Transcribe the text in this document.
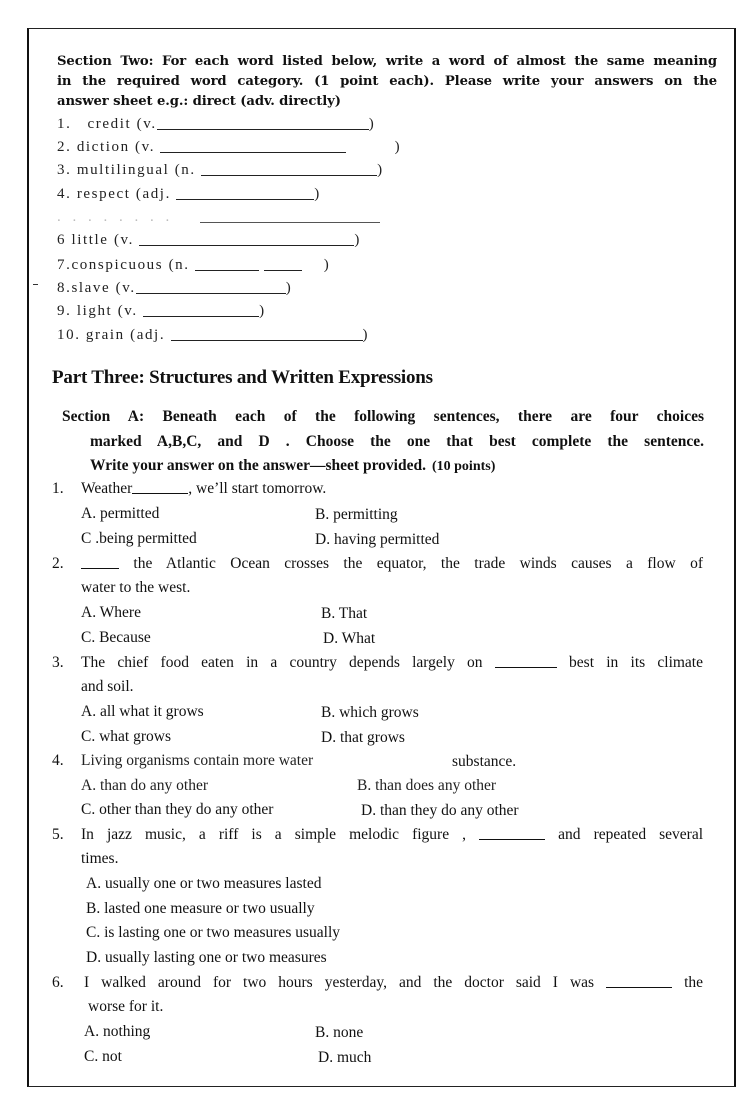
Section Two: For each word listed below, write a word of almost the same meaning
in the required word category. (1 point each). Please write your answers on the
answer sheet e.g.: direct (adv. directly)
1. credit (v.	)
2. diction (v.	)
3. multilingual (n.	)
4. respect (adj.	)
. . . . . . . .
6 little (v.	)
7.conspicuous (n.	)
8.slave (v.	)
9. light (v.	)
10. grain (adj.	)
Part Three: Structures and Written Expressions
Section A: Beneath each of the following sentences, there are four choices
marked A,B,C, and D . Choose the one that best complete the sentence.
Write your answer on the answer—sheet provided. (10 points)
1. Weather	, we’ll start tomorrow.
A. permitted	B. permitting
C .being permitted	D. having permitted
2.	the Atlantic Ocean crosses the equator, the trade winds causes a flow of
water to the west.
A. Where	B. That
C. Because	D. What
3. The chief food eaten in a country depends largely on	best in its climate
and soil.
A. all what it grows	B. which grows
C. what grows	D. that grows
4. Living organisms contain more water	substance.
A. than do any other	B. than does any other
C. other than they do any other	D. than they do any other
5. In jazz music, a riff is a simple melodic figure ,	and repeated several
times.
A. usually one or two measures lasted
B. lasted one measure or two usually
C. is lasting one or two measures usually
D. usually lasting one or two measures
6. I walked around for two hours yesterday, and the doctor said I was	the
worse for it.
A. nothing	B. none
C. not	D. much
